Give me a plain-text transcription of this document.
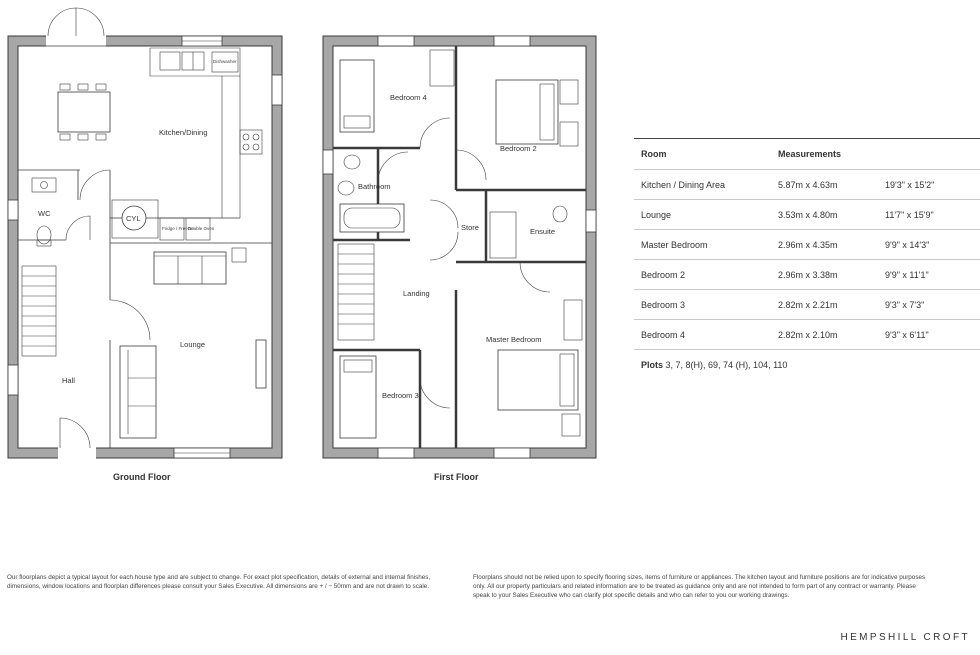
Kitchen/Dining
WC
Hall
Lounge
CYL
Dishwasher
Fridge / Freezer
Double Oven
Ground Floor
Bedroom 4
Bedroom 2
Bathroom
Store	Ensuite
Landing
Master Bedroom
Bedroom 3
First Floor
Room	Measurements	
Kitchen / Dining Area	5.87m x 4.63m	19'3" x 15'2"
Lounge	3.53m x 4.80m	11'7" x 15'9"
Master Bedroom	2.96m x 4.35m	9'9" x 14'3"
Bedroom 2	2.96m x 3.38m	9'9" x 11'1"
Bedroom 3	2.82m x 2.21m	9'3" x 7'3"
Bedroom 4	2.82m x 2.10m	9'3" x 6'11"
Plots 3, 7, 8(H), 69, 74 (H), 104, 110
Our floorplans depict a typical layout for each house type and are subject to change. For exact plot specification, details of external and internal finishes, dimensions, window locations and floorplan differences please consult your Sales Executive. All dimensions are + / − 50mm and are not drawn to scale.
Floorplans should not be relied upon to specify flooring sizes, items of furniture or appliances. The kitchen layout and furniture positions are for indicative purposes only. All our property particulars and related information are to be treated as guidance only and are not intended to form part of any contract or warranty. Please speak to your Sales Executive who can clarify plot specific details and who can refer to you our working drawings.
HEMPSHILL CROFT
